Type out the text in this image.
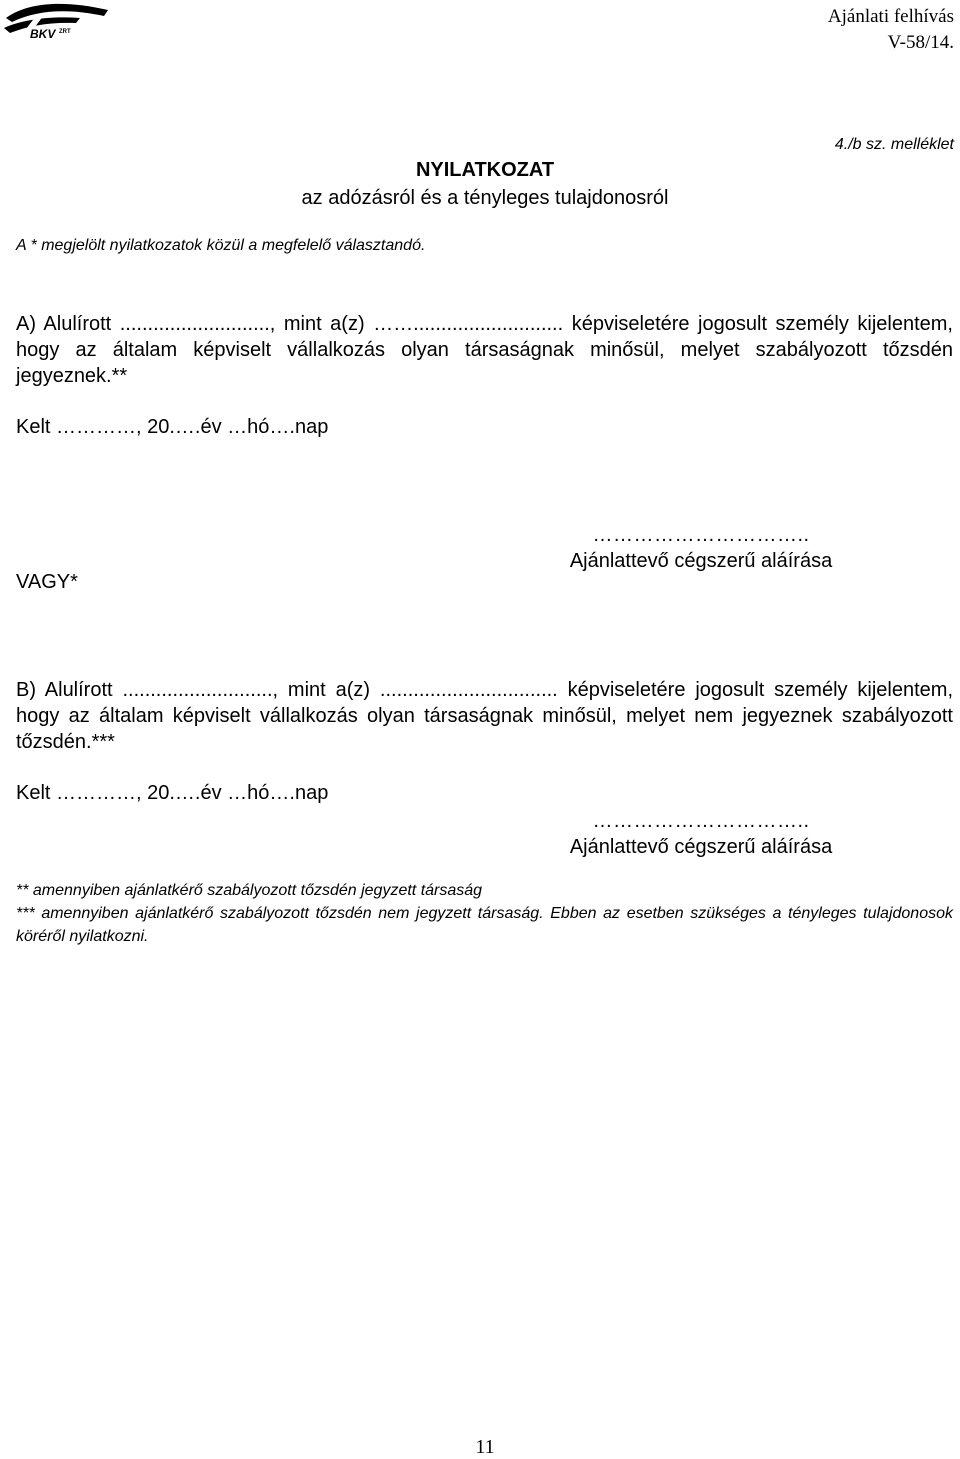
BKV ZRT
Ajánlati felhívás
V-58/14.
4./b sz. melléklet
NYILATKOZAT
az adózásról és a tényleges tulajdonosról
A * megjelölt nyilatkozatok közül a megfelelő választandó.
A) Alulírott ..........................., mint a(z) ……........................... képviseletére jogosult személy kijelentem, hogy az általam képviselt vállalkozás olyan társaságnak minősül, melyet szabályozott tőzsdén jegyeznek.**
Kelt …………, 20.….év …hó….nap
…………………………..
Ajánlattevő cégszerű aláírása
VAGY*
B) Alulírott ..........................., mint a(z) ................................ képviseletére jogosult személy kijelentem, hogy az általam képviselt vállalkozás olyan társaságnak minősül, melyet nem jegyeznek szabályozott tőzsdén.***
Kelt …………, 20.….év …hó….nap
…………………………..
Ajánlattevő cégszerű aláírása
** amennyiben ajánlatkérő szabályozott tőzsdén jegyzett társaság
*** amennyiben ajánlatkérő szabályozott tőzsdén nem jegyzett társaság. Ebben az esetben szükséges a tényleges tulajdonosok köréről nyilatkozni.
11
